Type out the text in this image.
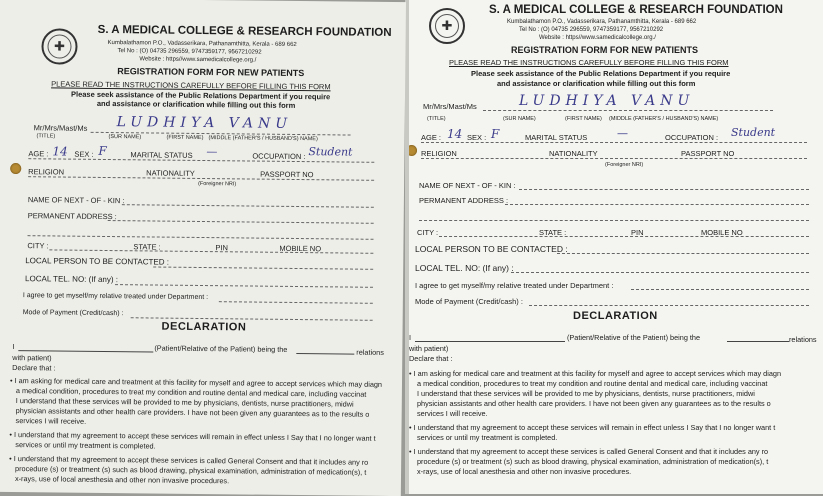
✚
S. A MEDICAL COLLEGE & RESEARCH FOUNDATION
Kumbalathamon P.O., Vadasserikara, Pathanamthitta, Kerala - 689 662
Tel No : (O) 04735 296559, 9747359177, 9567210292
Website : https//www.samedicalcollege.org./
REGISTRATION FORM FOR NEW PATIENTS
PLEASE READ THE INSTRUCTIONS CAREFULLY BEFORE FILLING THIS FORM
Please seek assistance of the Public Relations Department if you require
and assistance or clarification while filling out this form
Mr/Mrs/Mast/Ms LUDHIYA VANU
(TITLE)	(SUR NAME)	(FIRST NAME) (MIDDLE (FATHER'S / HUSBAND'S) NAME)
AGE : 14 SEX : F	MARITAL STATUS —	OCCUPATION : Student
RELIGION	NATIONALITY	PASSPORT NO
(Foreigner NRI)
NAME OF NEXT - OF - KIN :
PERMANENT ADDRESS :
CITY :	STATE :	PIN	MOBILE NO
LOCAL PERSON TO BE CONTACTED :
LOCAL TEL. NO: (If any) :
I agree to get myself/my relative treated under Department :
Mode of Payment (Credit/cash) :
DECLARATION
I	(Patient/Relative of the Patient) being the	relations
with patient)
Declare that :
• I am asking for medical care and treatment at this facility for myself and agree to accept services which may diagn
a medical condition, procedures to treat my condition and routine dental and medical care, including vaccinat
I understand that these services will be provided to me by physicians, dentists, nurse practitioners, midwi
physician assistants and other health care providers. I have not been given any guarantees as to the results o
services I will receive.
• I understand that my agreement to accept these services will remain in effect unless I Say that I no longer want t
services or until my treatment is completed.
• I understand that my agreement to accept these services is called General Consent and that it includes any ro
procedure (s) or treatment (s) such as blood drawing, physical examination, administration of medication(s), t
x-rays, use of local anesthesia and other non invasive procedures.
✚
S. A MEDICAL COLLEGE & RESEARCH FOUNDATION
Kumbalathamon P.O., Vadasserikara, Pathanamthitta, Kerala - 689 662
Tel No : (O) 04735 296559, 9747359177, 9567210292
Website : https//www.samedicalcollege.org./
REGISTRATION FORM FOR NEW PATIENTS
PLEASE READ THE INSTRUCTIONS CAREFULLY BEFORE FILLING THIS FORM
Please seek assistance of the Public Relations Department if you require
and assistance or clarification while filling out this form
Mr/Mrs/Mast/Ms	LUDHIYA VANU
(TITLE)	(SUR NAME)	(FIRST NAME) (MIDDLE (FATHER'S / HUSBAND'S) NAME)
AGE : 14 SEX : F	MARITAL STATUS	—	OCCUPATION : Student
RELIGION	NATIONALITY	PASSPORT NO
(Foreigner NRI)
NAME OF NEXT - OF - KIN :
PERMANENT ADDRESS :
CITY :	STATE :	PIN	MOBILE NO
LOCAL PERSON TO BE CONTACTED :
LOCAL TEL. NO: (If any) :
I agree to get myself/my relative treated under Department :
Mode of Payment (Credit/cash) :
DECLARATION
I	(Patient/Relative of the Patient) being the	relations
with patient)
Declare that :
• I am asking for medical care and treatment at this facility for myself and agree to accept services which may diagn
a medical condition, procedures to treat my condition and routine dental and medical care, including vaccinat
I understand that these services will be provided to me by physicians, dentists, nurse practitioners, midwi
physician assistants and other health care providers. I have not been given any guarantees as to the results o
services I will receive.
• I understand that my agreement to accept these services will remain in effect unless I Say that I no longer want t
services or until my treatment is completed.
• I understand that my agreement to accept these services is called General Consent and that it includes any ro
procedure (s) or treatment (s) such as blood drawing, physical examination, administration of medication(s), t
x-rays, use of local anesthesia and other non invasive procedures.
